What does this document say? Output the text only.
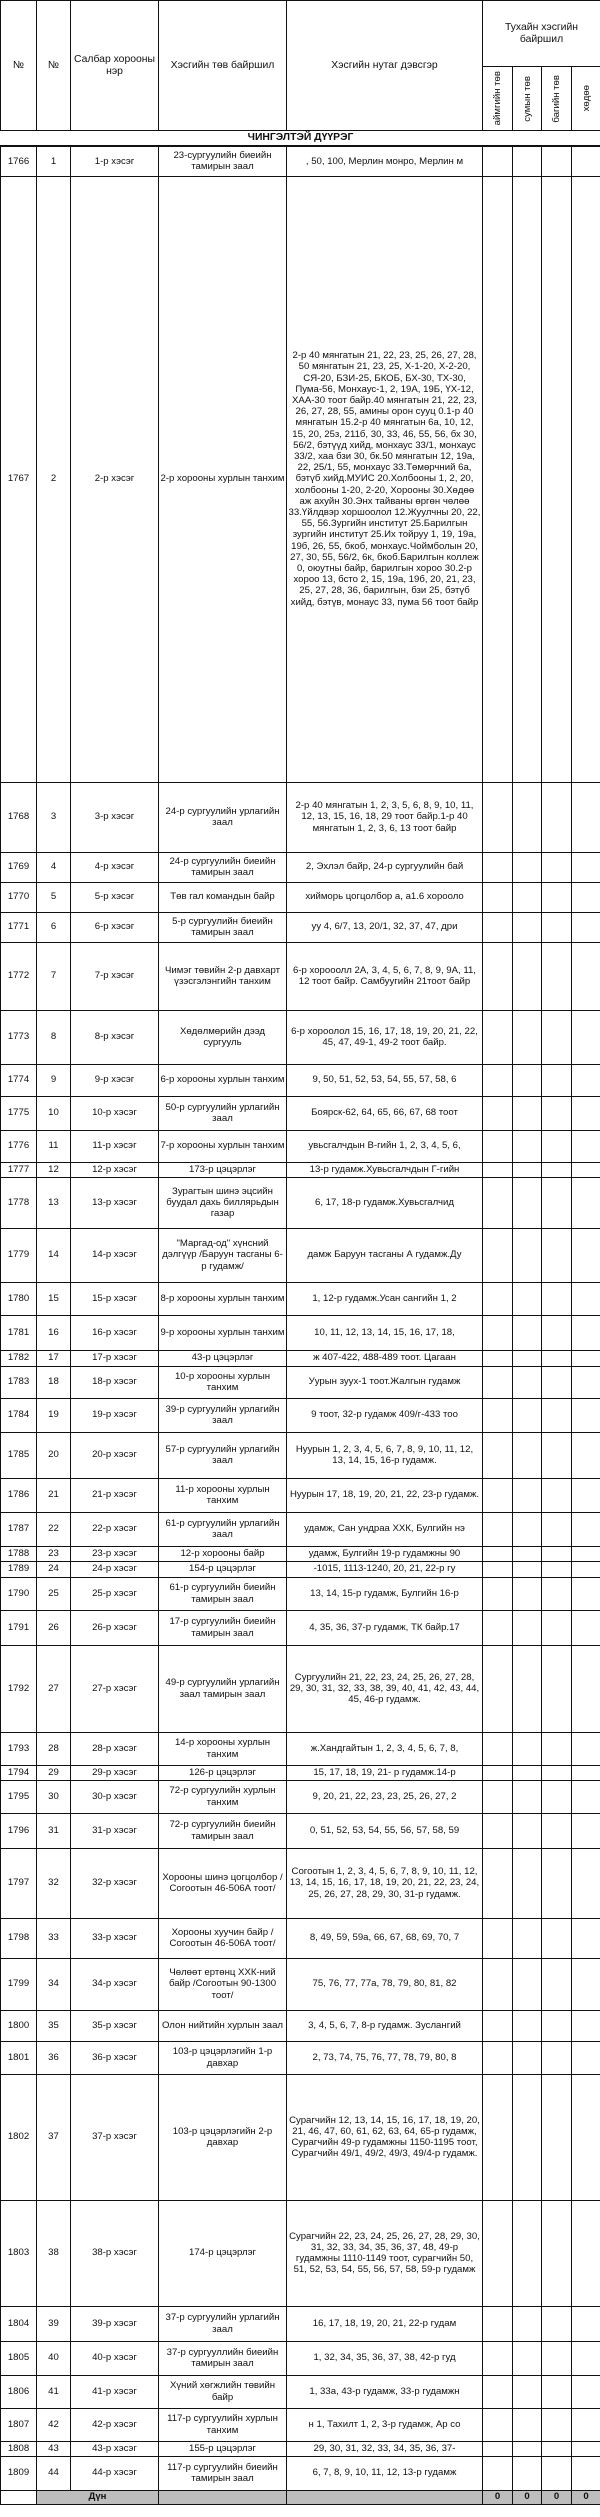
№	№	Салбар хорооны нэр	Хэсгийн төв байршил	Хэсгийн нутаг дэвсгэр	Тухайн хэсгийн байршил			

					аймгийн төв	сумын төв	багийн төв	хөдөө

ЧИНГЭЛТЭЙ ДҮҮРЭГ								
1766	1	1-р хэсэг	23-сургуулийн биеийн тамирын заал	, 50, 100, Мерлин монро, Мерлин м				
1767	2	2-р хэсэг	2-р хорооны хурлын танхим	2-р 40 мянгатын 21, 22, 23, 25, 26, 27, 28, 50 мянгатын 21, 23, 25, Х-1-20, Х-2-20, СЯ-20, БЗИ-25, БКОБ, БХ-30, ТХ-30, Пума-56, Монхаус-1, 2, 19А, 19Б, ҮХ-12, ХАА-30 тоот байр.40 мянгатын 21, 22, 23, 26, 27, 28, 55, амины орон сууц 0.1-р 40 мянгатын 15.2-р 40 мянгатын 6а, 10, 12, 15, 20, 25з, 211б, 30, 33, 46, 55, 56, бх 30, 56/2, бэтүүд хийд, монхаус 33/1, монхаус 33/2, хаа бзи 30, бк.50 мянгатын 12, 19а, 22, 25/1, 55, монхаус 33.Төмөрчний 6а, бэтүб хийд.МУИС 20.Холбооны 1, 2, 20, холбооны 1-20, 2-20, Хорооны 30.Хөдөө аж ахуйн 30.Энх тайваны өргөн чөлөө 33.Үйлдвэр хоршоолол 12.Жуулчны 20, 22, 55, 56.Зургийн институт 25.Барилгын зургийн институт 25.Их тойруу 1, 19, 19а, 19б, 26, 55, бкоб, монхаус.Чоймболын 20, 27, 30, 55, 56/2, 6к, бкоб.Барилгын коллеж 0, оюутны байр, барилгын хороо 30.2-р хороо 13, бсто 2, 15, 19а, 19б, 20, 21, 23, 25, 27, 28, 36, барилгын, бзи 25, бэтүб хийд, бэтүв, монаус 33, пума 56 тоот байр				
1768	3	3-р хэсэг	24-р сургуулийн урлагийн заал	2-р 40 мянгатын 1, 2, 3, 5, 6, 8, 9, 10, 11, 12, 13, 15, 16, 18, 29 тоот байр.1-р 40 мянгатын 1, 2, 3, 6, 13 тоот байр				
1769	4	4-р хэсэг	24-р сургуулийн биеийн тамирын заал	2, Эхлэл байр, 24-р сургуулийн бай				
1770	5	5-р хэсэг	Төв гал командын байр	хиймoрь цогцолбор а, а1.6 хороолo				
1771	6	6-р хэсэг	5-р сургуулийн биеийн тамирын заал	уу 4, 6/7, 13, 20/1, 32, 37, 47, дри				
1772	7	7-р хэсэг	Чимэг төвийн 2-р давхарт үзэсгэлэнгийн танхим	6-р хорооолл 2А, 3, 4, 5, 6, 7, 8, 9, 9А, 11, 12 тоот байр. Самбуугийн 21тоот байр				
1773	8	8-р хэсэг	Хөдөлмөрийн дээд сургууль	6-р хороолол 15, 16, 17, 18, 19, 20, 21, 22, 45, 47, 49-1, 49-2 тоот байр.				
1774	9	9-р хэсэг	6-р хорооны хурлын танхим	9, 50, 51, 52, 53, 54, 55, 57, 58, 6				
1775	10	10-р хэсэг	50-р сургуулийн урлагийн заал	Боярск-62, 64, 65, 66, 67, 68 тоот				
1776	11	11-р хэсэг	7-р хорооны хурлын танхим	увьсгалчдын В-гийн 1, 2, 3, 4, 5, 6,				
1777	12	12-р хэсэг	173-р цэцэрлэг	13-р гудамж.Хувьсгалчдын Г-гийн				
1778	13	13-р хэсэг	Зурагтын шинэ эцсийн буудал дахь биллярьдын газар	6, 17, 18-р гудамж.Хувьсгалчид				
1779	14	14-р хэсэг	"Маргад-од" хүнсний дэлгүүр /Баруун тасганы 6-р гудамж/	дамж Баруун тасганы А гудамж.Ду				
1780	15	15-р хэсэг	8-р хорооны хурлын танхим	1, 12-р гудамж.Усан сангийн 1, 2				
1781	16	16-р хэсэг	9-р хорооны хурлын танхим	10, 11, 12, 13, 14, 15, 16, 17, 18,				
1782	17	17-р хэсэг	43-р цэцэрлэг	ж 407-422, 488-489 тоот. Цагаан				
1783	18	18-р хэсэг	10-р хорооны хурлын танхим	Уурын зуух-1 тоот.Жалгын гудамж				
1784	19	19-р хэсэг	39-р сургуулийн урлагийн заал	9 тоот, 32-р гудамж 409/г-433 тоо				
1785	20	20-р хэсэг	57-р сургуулийн урлагийн заал	Нуурын 1, 2, 3, 4, 5, 6, 7, 8, 9, 10, 11, 12, 13, 14, 15, 16-р гудамж.				
1786	21	21-р хэсэг	11-р хорооны хурлын танхим	Нуурын 17, 18, 19, 20, 21, 22, 23-р гудамж.				
1787	22	22-р хэсэг	61-р сургуулийн урлагийн заал	удамж, Сан ундраа ХХК, Булгийн нэ				
1788	23	23-р хэсэг	12-р хорооны байр	удамж, Булгийн 19-р гудамжны 90				
1789	24	24-р хэсэг	154-р цэцэрлэг	-1015, 1113-1240, 20, 21, 22-р гу				
1790	25	25-р хэсэг	61-р сургуулийн биеийн тамирын заал	13, 14, 15-р гудамж, Булгийн 16-р				
1791	26	26-р хэсэг	17-р сургуулийн биеийн тамирын заал	4, 35, 36, 37-р гудамж, ТК байр.17				
1792	27	27-р хэсэг	49-р сургуулийн урлагийн заал тамирын заал	Сургуулийн 21, 22, 23, 24, 25, 26, 27, 28, 29, 30, 31, 32, 33, 38, 39, 40, 41, 42, 43, 44, 45, 46-р гудамж.				
1793	28	28-р хэсэг	14-р хорооны хурлын танхим	ж.Хандгайтын 1, 2, 3, 4, 5, 6, 7, 8,				
1794	29	29-р хэсэг	126-р цэцэрлэг	15, 17, 18, 19, 21- р гудамж.14-р				
1795	30	30-р хэсэг	72-р сургуулийн хурлын танхим	9, 20, 21, 22, 23, 23, 25, 26, 27, 2				
1796	31	31-р хэсэг	72-р сургуулийн биеийн тамирын заал	0, 51, 52, 53, 54, 55, 56, 57, 58, 59				
1797	32	32-р хэсэг	Хорооны шинэ цогцолбор /Согоотын 46-506А тоот/	Согоотын 1, 2, 3, 4, 5, 6, 7, 8, 9, 10, 11, 12, 13, 14, 15, 16, 17, 18, 19, 20, 21, 22, 23, 24, 25, 26, 27, 28, 29, 30, 31-р гудамж.				
1798	33	33-р хэсэг	Хорооны хуучин байр /Согоотын 46-506А тоот/	8, 49, 59, 59а, 66, 67, 68, 69, 70, 7				
1799	34	34-р хэсэг	Чөлөөт ертөнц ХХК-ний байр /Согоотын 90-1300 тоот/	75, 76, 77, 77а, 78, 79, 80, 81, 82				
1800	35	35-р хэсэг	Олон нийтийн хурлын заал	3, 4, 5, 6, 7, 8-р гудамж. Зуслангий				
1801	36	36-р хэсэг	103-р цэцэрлэгийн 1-р давхар	2, 73, 74, 75, 76, 77, 78, 79, 80, 8				
1802	37	37-р хэсэг	103-р цэцэрлэгийн 2-р давхар	Сурагчийн 12, 13, 14, 15, 16, 17, 18, 19, 20, 21, 46, 47, 60, 61, 62, 63, 64, 65-р гудамж, Сурагчийн 49-р гудамжны 1150-1195 тоот, Сурагчийн 49/1, 49/2, 49/3, 49/4-р гудамж.				
1803	38	38-р хэсэг	174-р цэцэрлэг	Сурагчийн 22, 23, 24, 25, 26, 27, 28, 29, 30, 31, 32, 33, 34, 35, 36, 37, 48, 49-р гудамжны 1110-1149 тоот, сурагчийн 50, 51, 52, 53, 54, 55, 56, 57, 58, 59-р гудамж				
1804	39	39-р хэсэг	37-р сургуулийн урлагийн заал	16, 17, 18, 19, 20, 21, 22-р гудам				
1805	40	40-р хэсэг	37-р сургууллийн биеийн тамирын заал	1, 32, 34, 35, 36, 37, 38, 42-р гуд				
1806	41	41-р хэсэг	Хүний хөгжлийн төвийн байр	1, 33а, 43-р гудамж, 33-р гудамжн				
1807	42	42-р хэсэг	117-р сургуулийн хурлын танхим	н 1, Тахилт 1, 2, 3-р гудамж, Ар со				
1808	43	43-р хэсэг	155-р цэцэрлэг	29, 30, 31, 32, 33, 34, 35, 36, 37-				
1809	44	44-р хэсэг	117-р сургуулийн биеийн тамирын заал	6, 7, 8, 9, 10, 11, 12, 13-р гудамж				
	Дүн				0	0	0	0
